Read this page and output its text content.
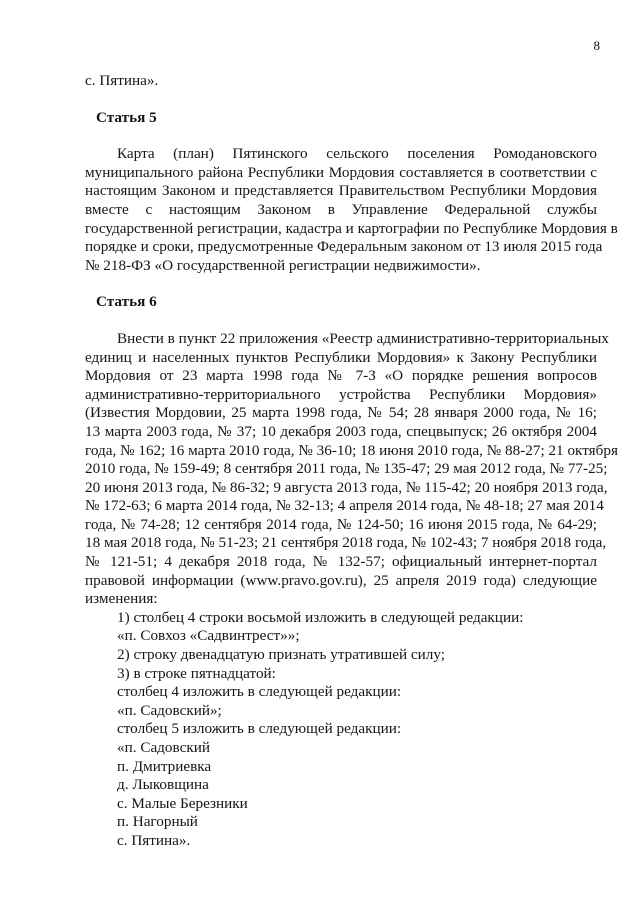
8
с. Пятина».
Статья 5
Карта (план) Пятинского сельского поселения Ромодановского
муниципального района Республики Мордовия составляется в соответствии с
настоящим Законом и представляется Правительством Республики Мордовия
вместе с настоящим Законом в Управление Федеральной службы
государственной регистрации, кадастра и картографии по Республике Мордовия в
порядке и сроки, предусмотренные Федеральным законом от 13 июля 2015 года
№ 218-ФЗ «О государственной регистрации недвижимости».
Статья 6
Внести в пункт 22 приложения «Реестр административно-территориальных
единиц и населенных пунктов Республики Мордовия» к Закону Республики
Мордовия от 23 марта 1998 года № 7-З «О порядке решения вопросов
административно-территориального устройства Республики Мордовия»
(Известия Мордовии, 25 марта 1998 года, № 54; 28 января 2000 года, № 16;
13 марта 2003 года, № 37; 10 декабря 2003 года, спецвыпуск; 26 октября 2004
года, № 162; 16 марта 2010 года, № 36-10; 18 июня 2010 года, № 88-27; 21 октября
2010 года, № 159-49; 8 сентября 2011 года, № 135-47; 29 мая 2012 года, № 77-25;
20 июня 2013 года, № 86-32; 9 августа 2013 года, № 115-42; 20 ноября 2013 года,
№ 172-63; 6 марта 2014 года, № 32-13; 4 апреля 2014 года, № 48-18; 27 мая 2014
года, № 74-28; 12 сентября 2014 года, № 124-50; 16 июня 2015 года, № 64-29;
18 мая 2018 года, № 51-23; 21 сентября 2018 года, № 102-43; 7 ноября 2018 года,
№ 121-51; 4 декабря 2018 года, № 132-57; официальный интернет-портал
правовой информации (www.pravo.gov.ru), 25 апреля 2019 года) следующие
изменения:
1) столбец 4 строки восьмой изложить в следующей редакции:
«п. Совхоз «Садвинтрест»»;
2) строку двенадцатую признать утратившей силу;
3) в строке пятнадцатой:
столбец 4 изложить в следующей редакции:
«п. Садовский»;
столбец 5 изложить в следующей редакции:
«п. Садовский
п. Дмитриевка
д. Лыковщина
с. Малые Березники
п. Нагорный
с. Пятина».
